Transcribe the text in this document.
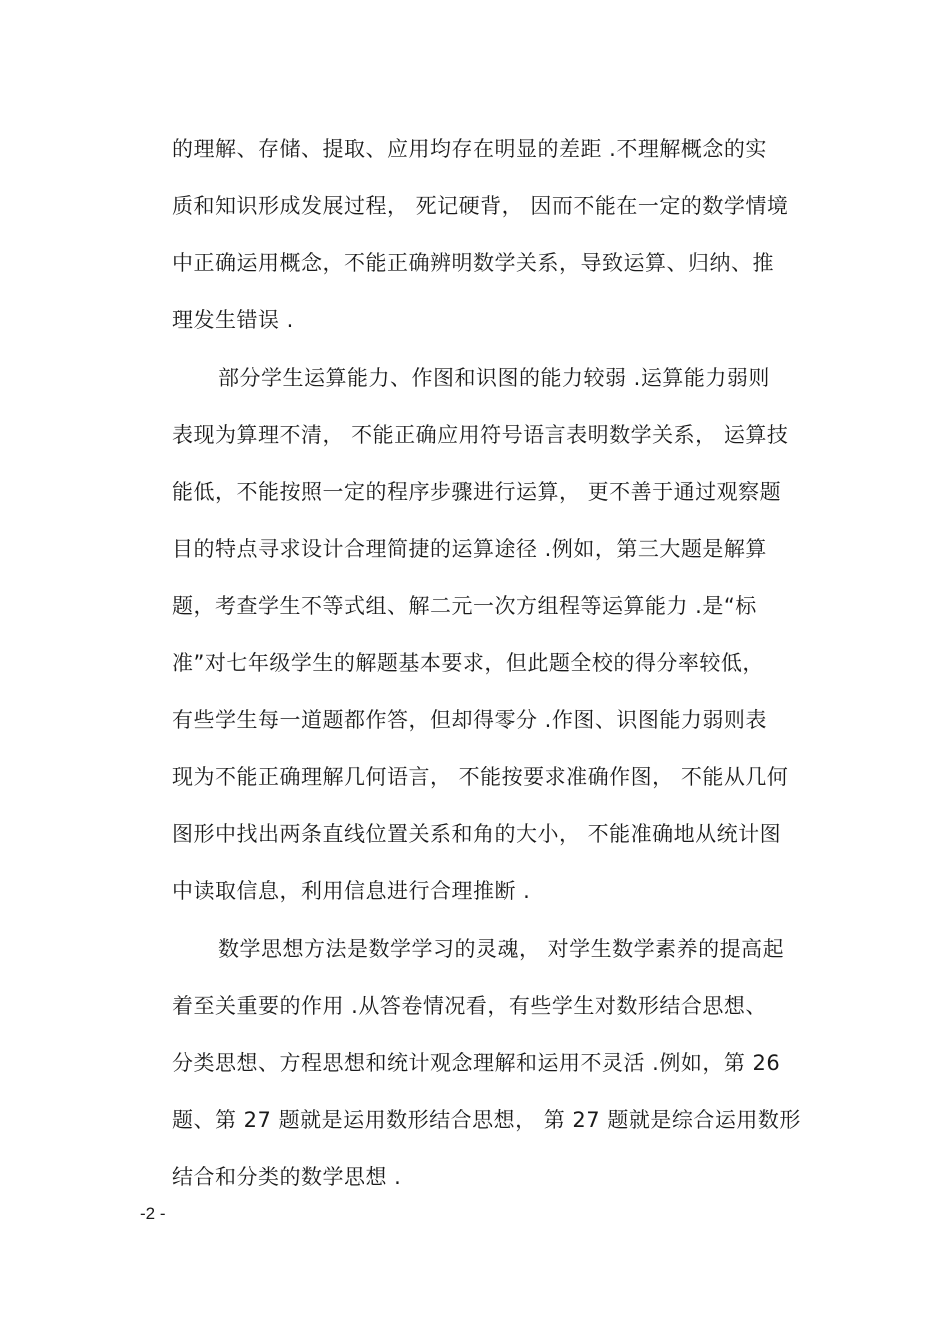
的理解、存储、提取、应用均存在明显的差距 .不理解概念的实
质和知识形成发展过程， 死记硬背， 因而不能在一定的数学情境
中正确运用概念，不能正确辨明数学关系，导致运算、归纳、推
理发生错误 .
部分学生运算能力、作图和识图的能力较弱 .运算能力弱则
表现为算理不清， 不能正确应用符号语言表明数学关系， 运算技
能低，不能按照一定的程序步骤进行运算， 更不善于通过观察题
目的特点寻求设计合理简捷的运算途径 .例如，第三大题是解算
题，考查学生不等式组、解二元一次方组程等运算能力 .是“标
准”对七年级学生的解题基本要求，但此题全校的得分率较低，
有些学生每一道题都作答，但却得零分 .作图、识图能力弱则表
现为不能正确理解几何语言， 不能按要求准确作图， 不能从几何
图形中找出两条直线位置关系和角的大小， 不能准确地从统计图
中读取信息，利用信息进行合理推断 .
数学思想方法是数学学习的灵魂， 对学生数学素养的提高起
着至关重要的作用 .从答卷情况看，有些学生对数形结合思想、
分类思想、方程思想和统计观念理解和运用不灵活 .例如，第 26
题、第 27 题就是运用数形结合思想， 第 27 题就是综合运用数形
结合和分类的数学思想 .
-2 -
